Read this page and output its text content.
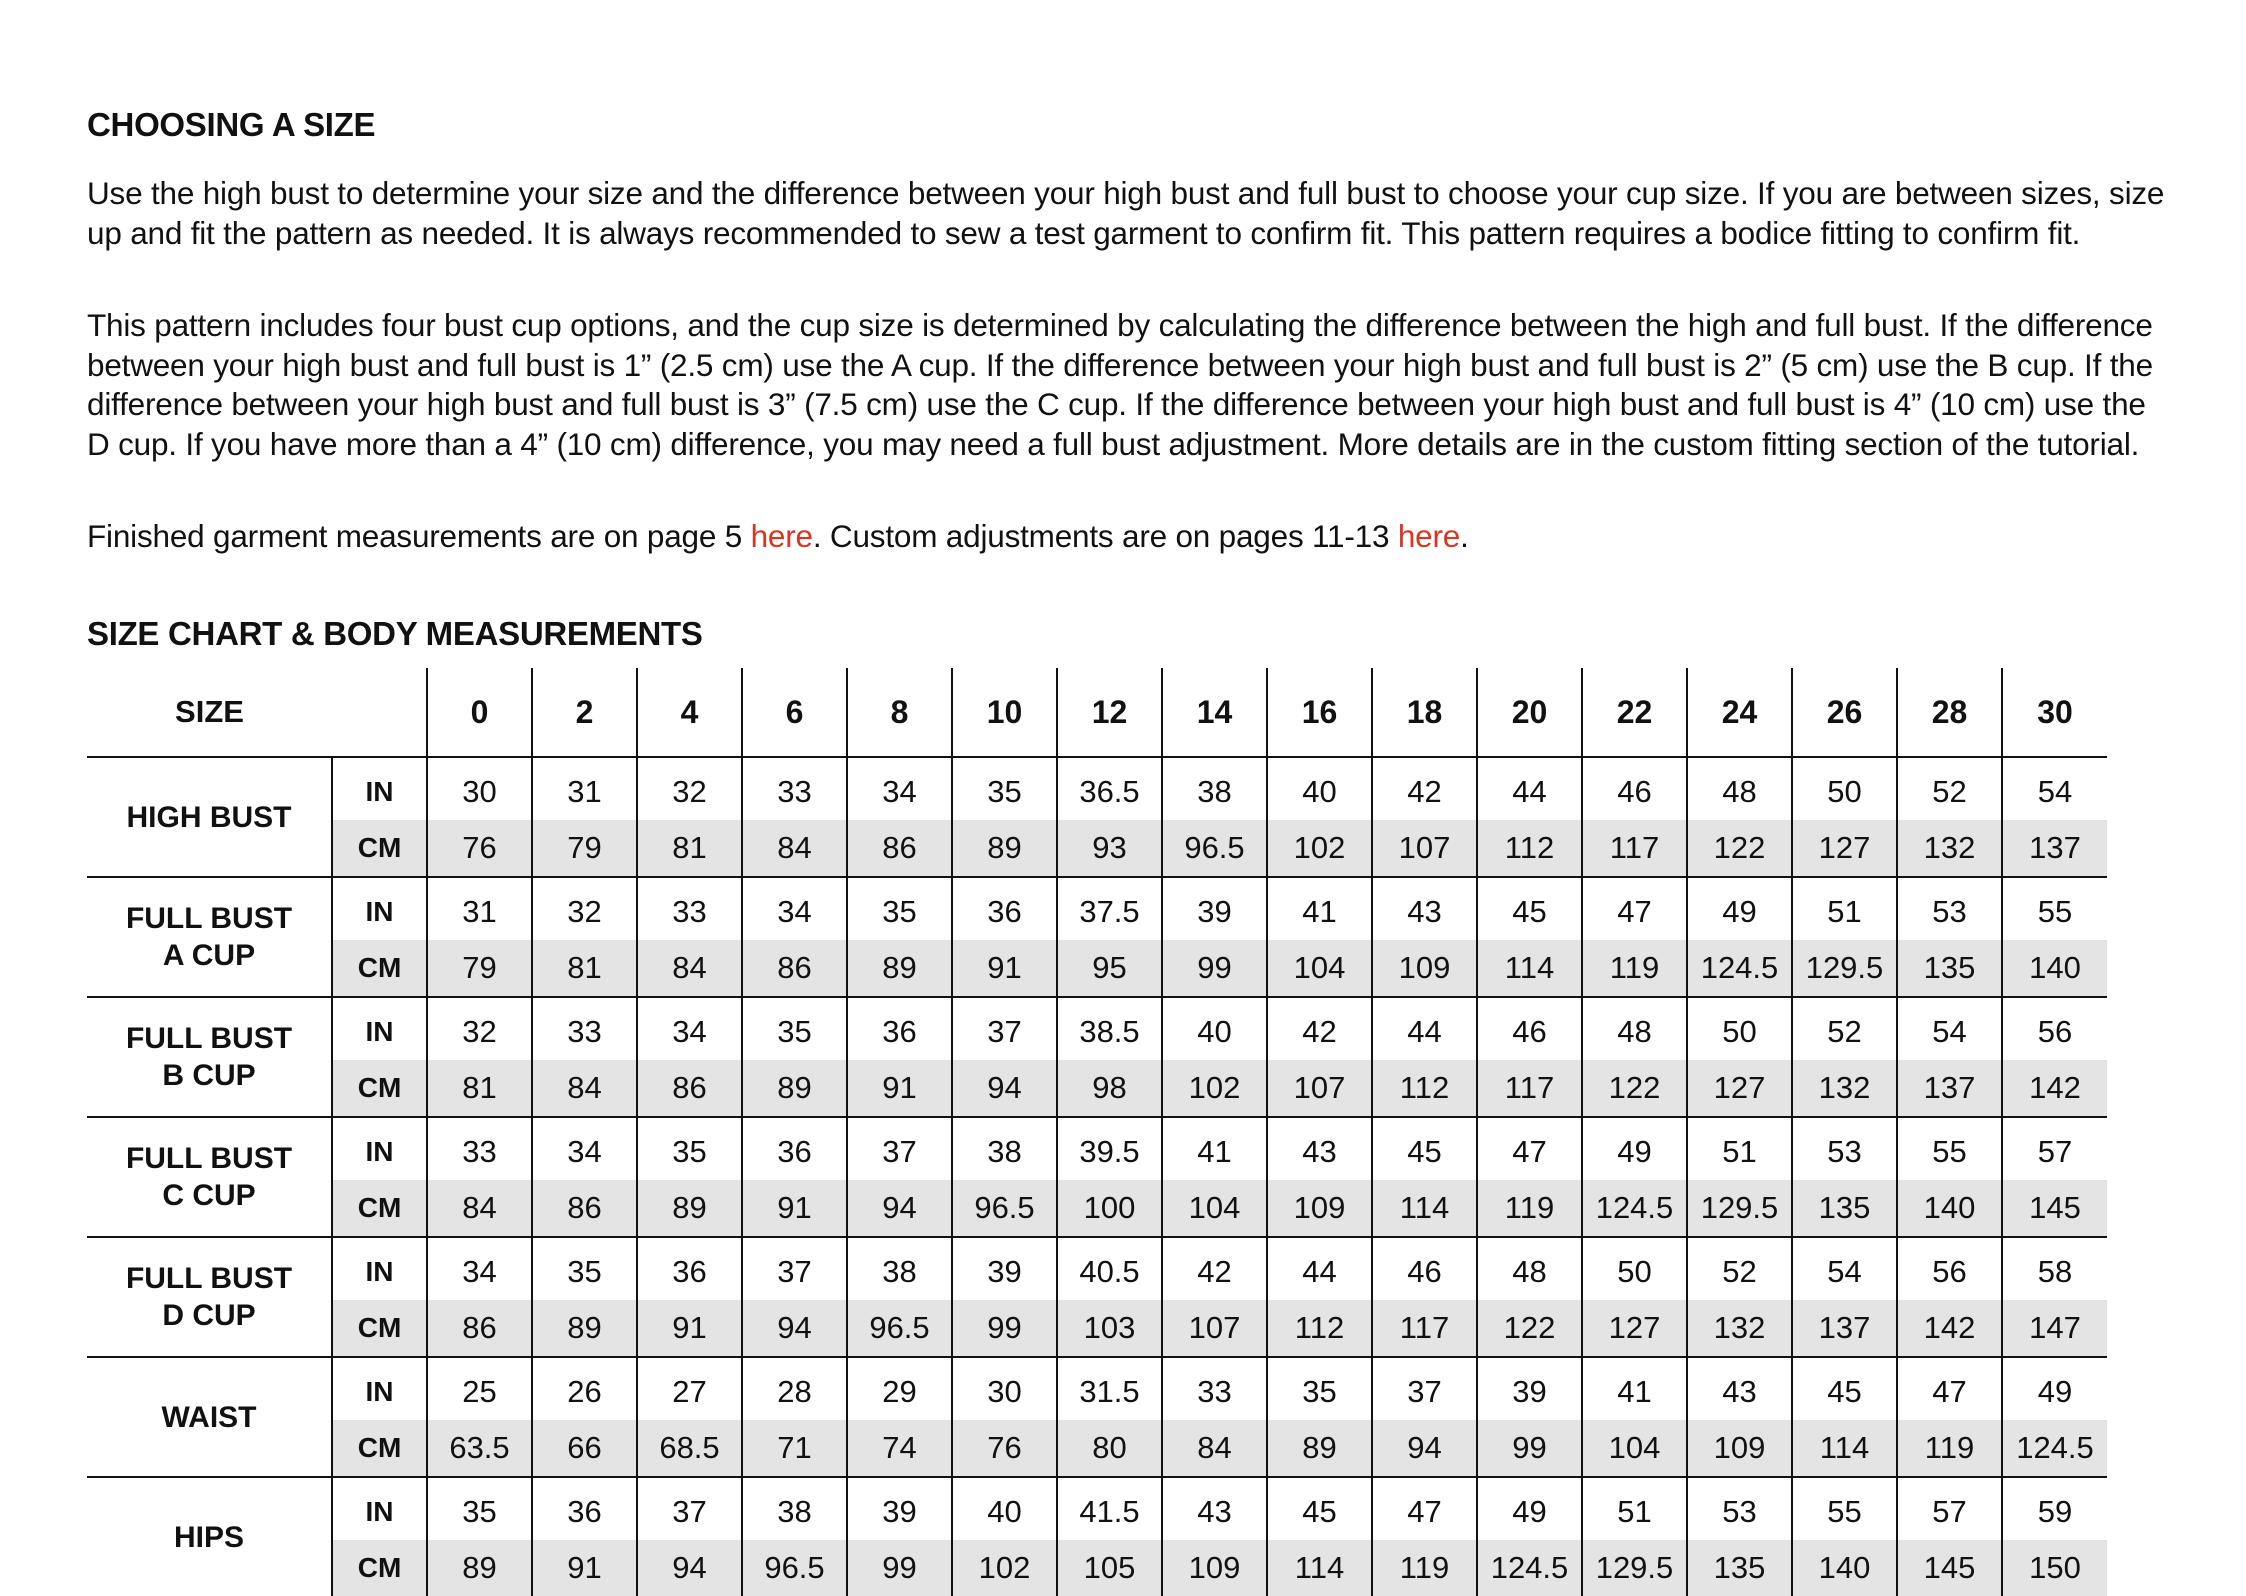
CHOOSING A SIZE

Use the high bust to determine your size and the difference between your high bust and full bust to choose your cup size. If you are between sizes, size up and fit the pattern as needed. It is always recommended to sew a test garment to confirm fit. This pattern requires a bodice fitting to confirm fit.

This pattern includes four bust cup options, and the cup size is determined by calculating the difference between the high and full bust. If the difference between your high bust and full bust is 1” (2.5 cm) use the A cup. If the difference between your high bust and full bust is 2” (5 cm) use the B cup. If the difference between your high bust and full bust is 3” (7.5 cm) use the C cup. If the difference between your high bust and full bust is 4” (10 cm) use the D cup. If you have more than a 4” (10 cm) difference, you may need a full bust adjustment. More details are in the custom fitting section of the tutorial.

Finished garment measurements are on page 5 here. Custom adjustments are on pages 11-13 here.

SIZE CHART & BODY MEASUREMENTS
SIZE		0	2	4	6	8	10	12	14	16	18	20	22	24	26	28	30

HIGH BUST	IN	30	31	32	33	34	35	36.5	38	40	42	44	46	48	50	52	54
	CM	76	79	81	84	86	89	93	96.5	102	107	112	117	122	127	132	137

FULL BUST
A CUP	IN	31	32	33	34	35	36	37.5	39	41	43	45	47	49	51	53	55
	CM	79	81	84	86	89	91	95	99	104	109	114	119	124.5	129.5	135	140

FULL BUST
B CUP	IN	32	33	34	35	36	37	38.5	40	42	44	46	48	50	52	54	56
	CM	81	84	86	89	91	94	98	102	107	112	117	122	127	132	137	142

FULL BUST
C CUP	IN	33	34	35	36	37	38	39.5	41	43	45	47	49	51	53	55	57
	CM	84	86	89	91	94	96.5	100	104	109	114	119	124.5	129.5	135	140	145

FULL BUST
D CUP	IN	34	35	36	37	38	39	40.5	42	44	46	48	50	52	54	56	58
	CM	86	89	91	94	96.5	99	103	107	112	117	122	127	132	137	142	147

WAIST	IN	25	26	27	28	29	30	31.5	33	35	37	39	41	43	45	47	49
	CM	63.5	66	68.5	71	74	76	80	84	89	94	99	104	109	114	119	124.5

HIPS	IN	35	36	37	38	39	40	41.5	43	45	47	49	51	53	55	57	59
	CM	89	91	94	96.5	99	102	105	109	114	119	124.5	129.5	135	140	145	150
